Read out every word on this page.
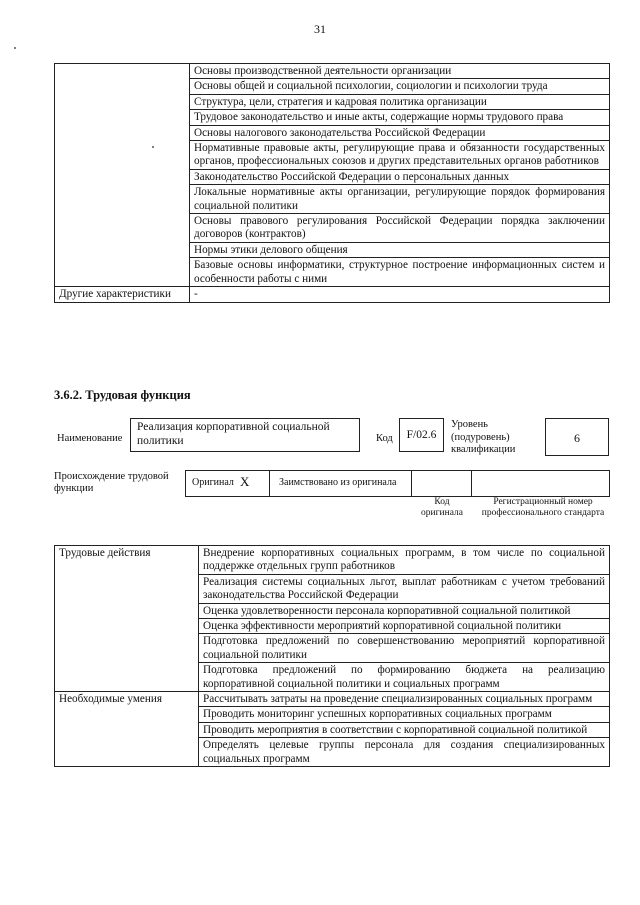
31
	Основы производственной деятельности организации
	Основы общей и социальной психологии, социологии и психологии труда
	Структура, цели, стратегия и кадровая политика организации
	Трудовое законодательство и иные акты, содержащие нормы трудового права
	Основы налогового законодательства Российской Федерации
	Нормативные правовые акты, регулирующие права и обязанности государственных органов, профессиональных союзов и других представительных органов работников
	Законодательство Российской Федерации о персональных данных
	Локальные нормативные акты организации, регулирующие порядок формирования социальной политики
	Основы правового регулирования Российской Федерации порядка заключении договоров (контрактов)
	Нормы этики делового общения
	Базовые основы информатики, структурное построение информационных систем и особенности работы с ними
Другие характеристики	-
3.6.2. Трудовая функция
Наименование
Реализация корпоративной социальной политики	Код	F/02.6
Уровень (подуровень) квалификации
6
Происхождение трудовой функции
Оригинал X	Заимствовано из оригинала
Код оригинала
Регистрационный номер профессионального стандарта
Трудовые действия	Внедрение корпоративных социальных программ, в том числе по социальной поддержке отдельных групп работников
	Реализация системы социальных льгот, выплат работникам с учетом требований законодательства Российской Федерации
	Оценка удовлетворенности персонала корпоративной социальной политикой
	Оценка эффективности мероприятий корпоративной социальной политики
	Подготовка предложений по совершенствованию мероприятий корпоративной социальной политики
	Подготовка предложений по формированию бюджета на реализацию корпоративной социальной политики и социальных программ
Необходимые умения	Рассчитывать затраты на проведение специализированных социальных программ
	Проводить мониторинг успешных корпоративных социальных программ
	Проводить мероприятия в соответствии с корпоративной социальной политикой
	Определять целевые группы персонала для создания специализированных социальных программ
